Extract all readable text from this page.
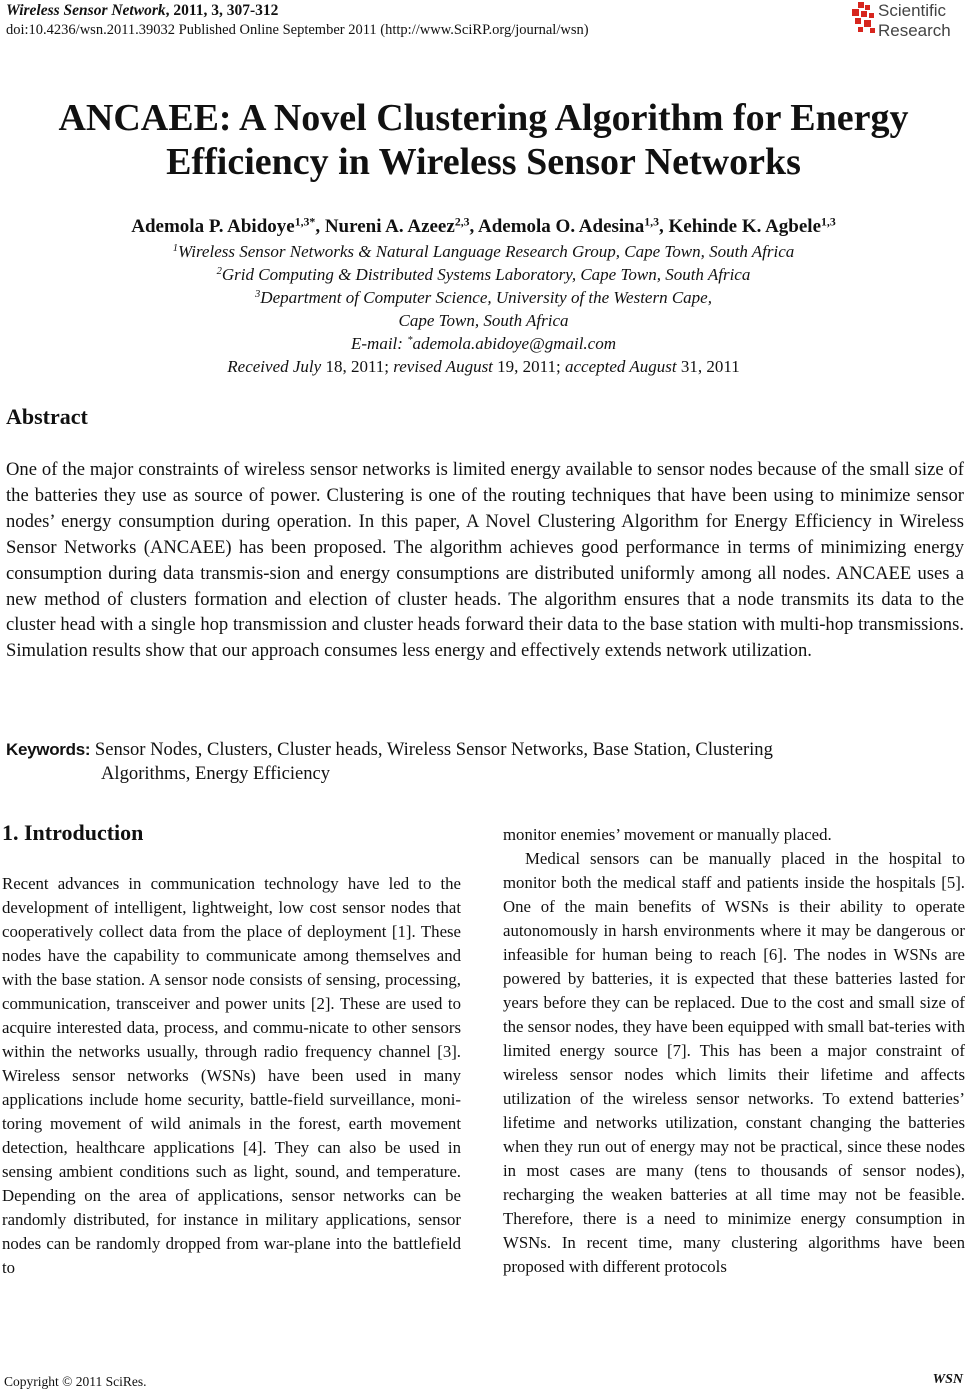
Wireless Sensor Network, 2011, 3, 307-312
doi:10.4236/wsn.2011.39032 Published Online September 2011 (http://www.SciRP.org/journal/wsn)
Scientific
Research
ANCAEE: A Novel Clustering Algorithm for Energy
Efficiency in Wireless Sensor Networks
Ademola P. Abidoye$^{1,3*}$, Nureni A. Azeez$^{2,3}$, Ademola O. Adesina$^{1,3}$, Kehinde K. Agbele$^{1,3}$
$^1$Wireless Sensor Networks & Natural Language Research Group, Cape Town, South Africa
$^2$Grid Computing & Distributed Systems Laboratory, Cape Town, South Africa
$^3$Department of Computer Science, University of the Western Cape,
Cape Town, South Africa
E-mail: *ademola.abidoye@gmail.com
Received July 18, 2011; revised August 19, 2011; accepted August 31, 2011
Abstract
One of the major constraints of wireless sensor networks is limited energy available to sensor nodes because of the small size of the batteries they use as source of power. Clustering is one of the routing techniques that have been using to minimize sensor nodes’ energy consumption during operation. In this paper, A Novel Clustering Algorithm for Energy Efficiency in Wireless Sensor Networks (ANCAEE) has been proposed. The algorithm achieves good performance in terms of minimizing energy consumption during data transmis-sion and energy consumptions are distributed uniformly among all nodes. ANCAEE uses a new method of clusters formation and election of cluster heads. The algorithm ensures that a node transmits its data to the cluster head with a single hop transmission and cluster heads forward their data to the base station with multi-hop transmissions. Simulation results show that our approach consumes less energy and effectively extends network utilization.
Keywords: Sensor Nodes, Clusters, Cluster heads, Wireless Sensor Networks, Base Station, Clustering
Algorithms, Energy Efficiency
1. Introduction

Recent advances in communication technology have led to the development of intelligent, lightweight, low cost sensor nodes that cooperatively collect data from the place of deployment [1]. These nodes have the capability to communicate among themselves and with the base station. A sensor node consists of sensing, processing, communication, transceiver and power units [2]. These are used to acquire interested data, process, and commu-nicate to other sensors within the networks usually, through radio frequency channel [3]. Wireless sensor networks (WSNs) have been used in many applications include home security, battle-field surveillance, moni-toring movement of wild animals in the forest, earth movement detection, healthcare applications [4]. They can also be used in sensing ambient conditions such as light, sound, and temperature. Depending on the area of applications, sensor networks can be randomly distributed, for instance in military applications, sensor nodes can be randomly dropped from war-plane into the battlefield to

monitor enemies’ movement or manually placed.

Medical sensors can be manually placed in the hospital to monitor both the medical staff and patients inside the hospitals [5]. One of the main benefits of WSNs is their ability to operate autonomously in harsh environments where it may be dangerous or infeasible for human being to reach [6]. The nodes in WSNs are powered by batteries, it is expected that these batteries lasted for years before they can be replaced. Due to the cost and small size of the sensor nodes, they have been equipped with small bat-teries with limited energy source [7]. This has been a major constraint of wireless sensor nodes which limits their lifetime and affects utilization of the wireless sensor networks. To extend batteries’ lifetime and networks utilization, constant changing the batteries when they run out of energy may not be practical, since these nodes in most cases are many (tens to thousands of sensor nodes), recharging the weaken batteries at all time may not be feasible. Therefore, there is a need to minimize energy consumption in WSNs. In recent time, many clustering algorithms have been proposed with different protocols

Copyright © 2011 SciRes.	WSN
